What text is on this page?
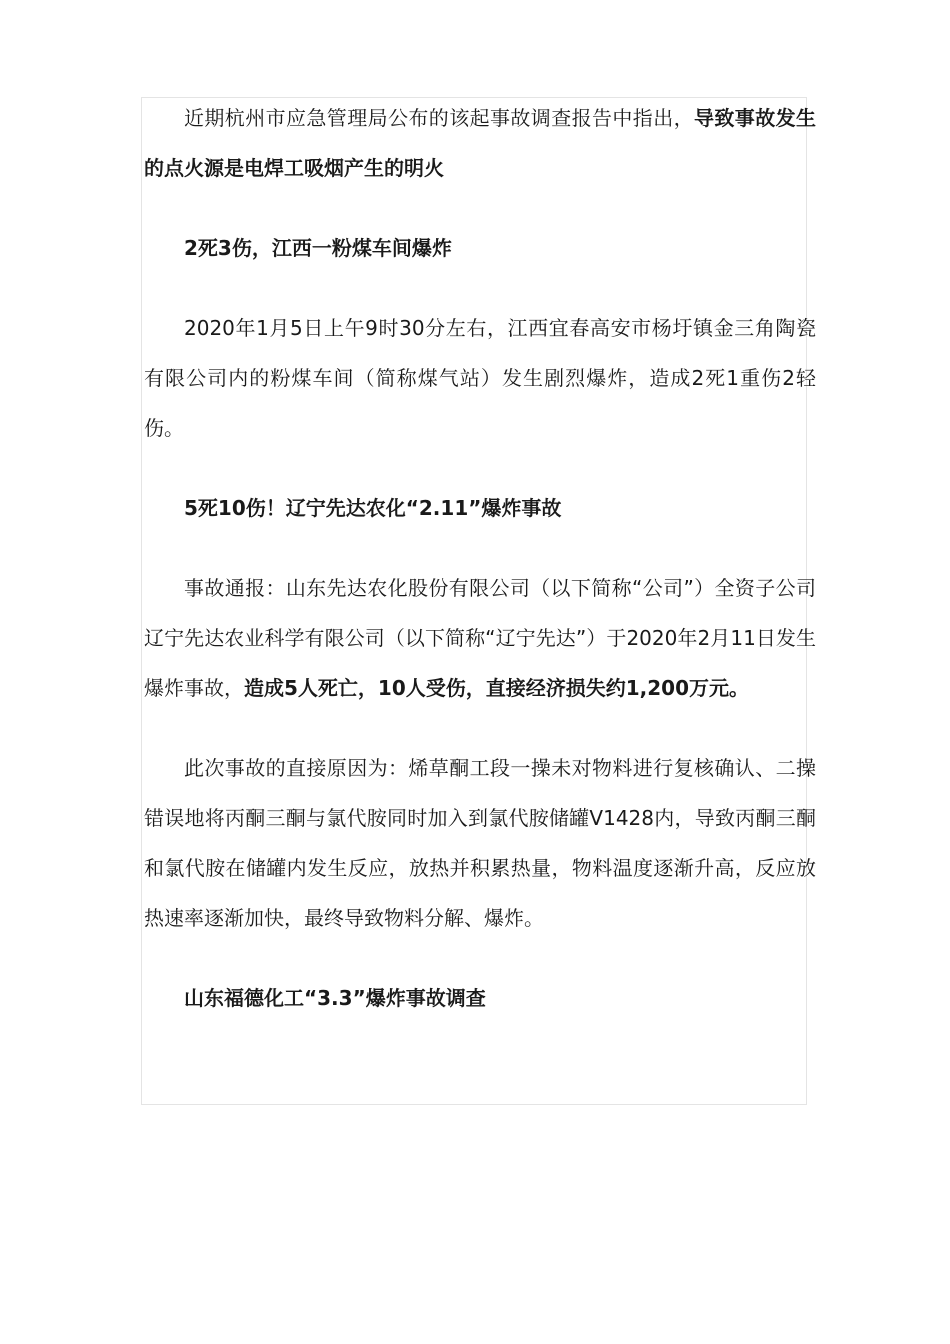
近期杭州市应急管理局公布的该起事故调查报告中指出，导致事故发生的点火源是电焊工吸烟产生的明火

2死3伤，江西一粉煤车间爆炸

2020年1月5日上午9时30分左右，江西宜春高安市杨圩镇金三角陶瓷有限公司内的粉煤车间（简称煤气站）发生剧烈爆炸，造成2死1重伤2轻伤。

5死10伤！辽宁先达农化“2.11”爆炸事故

事故通报：山东先达农化股份有限公司（以下简称“公司”）全资子公司辽宁先达农业科学有限公司（以下简称“辽宁先达”）于2020年2月11日发生爆炸事故，造成5人死亡，10人受伤，直接经济损失约1,200万元。

此次事故的直接原因为：烯草酮工段一操未对物料进行复核确认、二操错误地将丙酮三酮与氯代胺同时加入到氯代胺储罐V1428内，导致丙酮三酮和氯代胺在储罐内发生反应，放热并积累热量，物料温度逐渐升高，反应放热速率逐渐加快，最终导致物料分解、爆炸。

山东福德化工“3.3”爆炸事故调查
